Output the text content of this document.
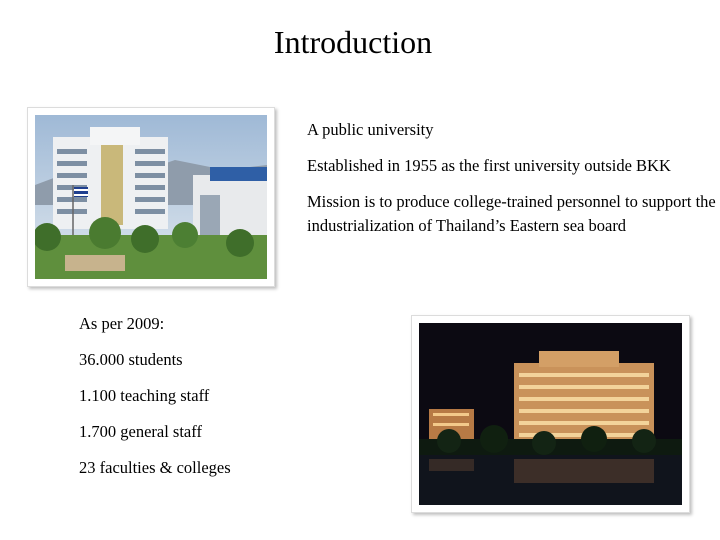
Introduction
A public university
Established in 1955 as the first university outside BKK
Mission is to produce college-trained personnel to support the industrialization of Thailand’s Eastern sea board
As per 2009:
36.000 students
1.100 teaching staff
1.700 general staff
23 faculties & colleges
